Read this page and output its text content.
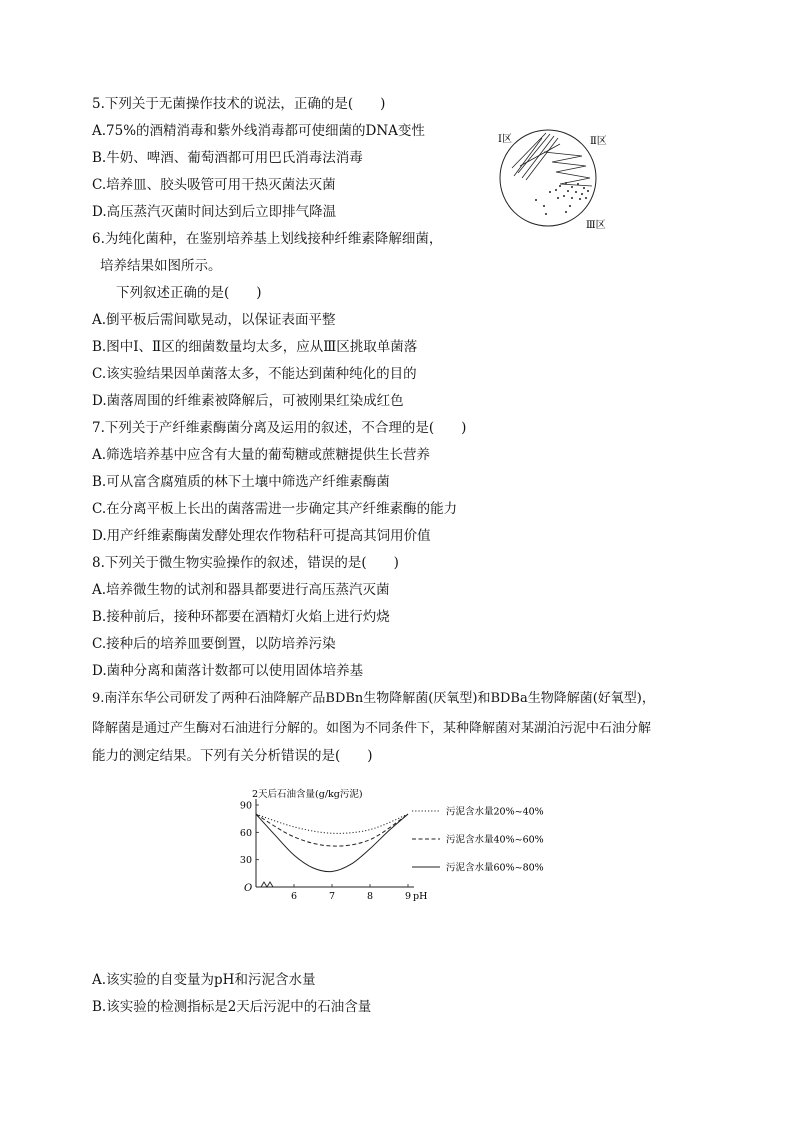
5.下列关于无菌操作技术的说法，正确的是(　　)
A.75%的酒精消毒和紫外线消毒都可使细菌的DNA变性
B.牛奶、啤酒、葡萄酒都可用巴氏消毒法消毒
C.培养皿、胶头吸管可用干热灭菌法灭菌
D.高压蒸汽灭菌时间达到后立即排气降温
Ⅰ区	Ⅱ区
Ⅲ区
6.为纯化菌种，在鉴别培养基上划线接种纤维素降解细菌，
培养结果如图所示。
下列叙述正确的是(　　)
A.倒平板后需间歇晃动，以保证表面平整
B.图中Ⅰ、Ⅱ区的细菌数量均太多，应从Ⅲ区挑取单菌落
C.该实验结果因单菌落太多，不能达到菌种纯化的目的
D.菌落周围的纤维素被降解后，可被刚果红染成红色
7.下列关于产纤维素酶菌分离及运用的叙述，不合理的是(　　)
A.筛选培养基中应含有大量的葡萄糖或蔗糖提供生长营养
B.可从富含腐殖质的林下土壤中筛选产纤维素酶菌
C.在分离平板上长出的菌落需进一步确定其产纤维素酶的能力
D.用产纤维素酶菌发酵处理农作物秸秆可提高其饲用价值
8.下列关于微生物实验操作的叙述，错误的是(　　)
A.培养微生物的试剂和器具都要进行高压蒸汽灭菌
B.接种前后，接种环都要在酒精灯火焰上进行灼烧
C.接种后的培养皿要倒置，以防培养污染
D.菌种分离和菌落计数都可以使用固体培养基
9.南洋东华公司研发了两种石油降解产品BDBn生物降解菌(厌氧型)和BDBa生物降解菌(好氧型)，
降解菌是通过产生酶对石油进行分解的。如图为不同条件下，某种降解菌对某湖泊污泥中石油分解
能力的测定结果。下列有关分析错误的是(　　)
2天后石油含量(g/kg污泥)
O
30
60
90
6	7	8	9 pH
污泥含水量20%~40%
污泥含水量40%~60%
污泥含水量60%~80%
A.该实验的自变量为pH和污泥含水量
B.该实验的检测指标是2天后污泥中的石油含量
